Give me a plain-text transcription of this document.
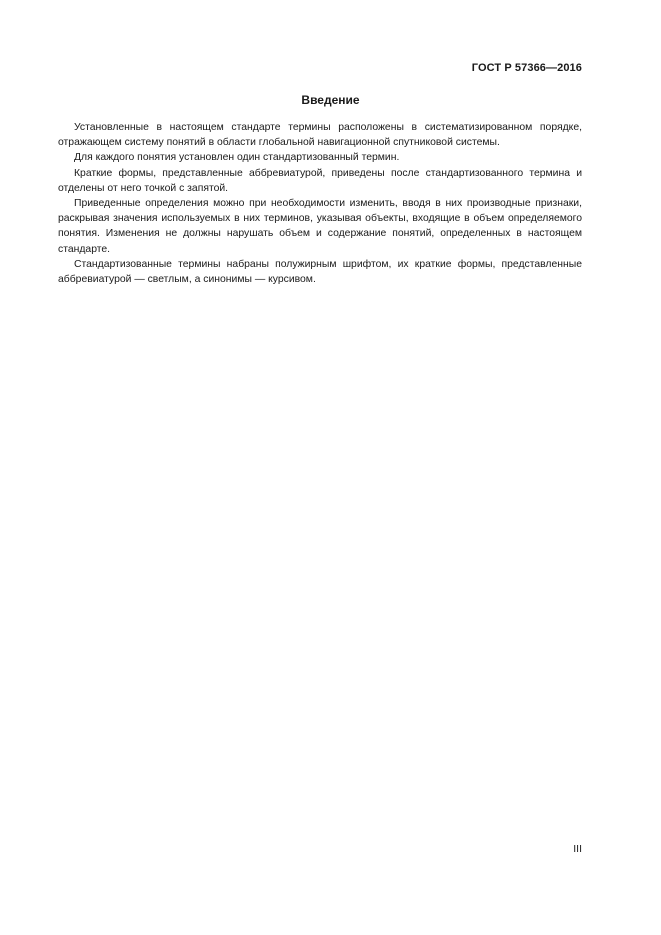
ГОСТ Р 57366—2016
Введение

Установленные в настоящем стандарте термины расположены в систематизированном порядке, отражающем систему понятий в области глобальной навигационной спутниковой системы.

Для каждого понятия установлен один стандартизованный термин.

Краткие формы, представленные аббревиатурой, приведены после стандартизованного термина и отделены от него точкой с запятой.

Приведенные определения можно при необходимости изменить, вводя в них производные признаки, раскрывая значения используемых в них терминов, указывая объекты, входящие в объем определяемого понятия. Изменения не должны нарушать объем и содержание понятий, определенных в настоящем стандарте.

Стандартизованные термины набраны полужирным шрифтом, их краткие формы, представленные аббревиатурой — светлым, а синонимы — курсивом.

III
